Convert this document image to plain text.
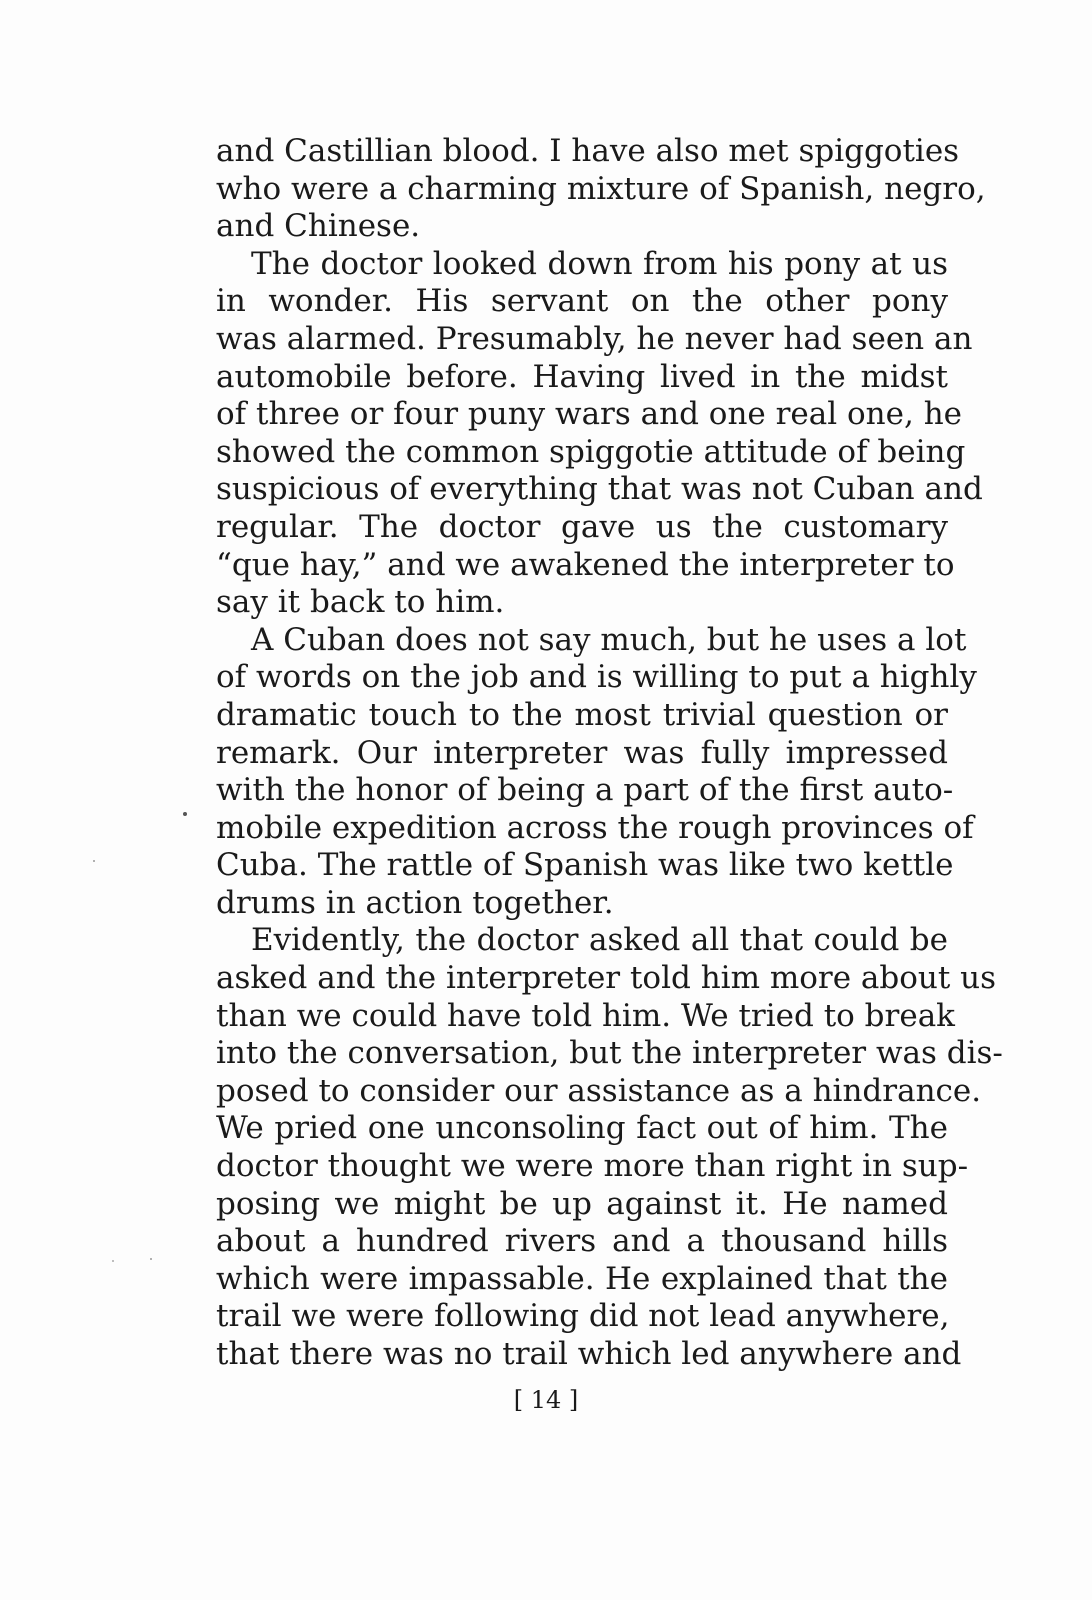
and Castillian blood. I have also met spiggoties
who were a charming mixture of Spanish, negro,
and Chinese.
The doctor looked down from his pony at us
in wonder. His servant on the other pony
was alarmed. Presumably, he never had seen an
automobile before. Having lived in the midst
of three or four puny wars and one real one, he
showed the common spiggotie attitude of being
suspicious of everything that was not Cuban and
regular. The doctor gave us the customary
“que hay,” and we awakened the interpreter to
say it back to him.
A Cuban does not say much, but he uses a lot
of words on the job and is willing to put a highly
dramatic touch to the most trivial question or
remark. Our interpreter was fully impressed
with the honor of being a part of the first auto-
mobile expedition across the rough provinces of
Cuba. The rattle of Spanish was like two kettle
drums in action together.
Evidently, the doctor asked all that could be
asked and the interpreter told him more about us
than we could have told him. We tried to break
into the conversation, but the interpreter was dis-
posed to consider our assistance as a hindrance.
We pried one unconsoling fact out of him. The
doctor thought we were more than right in sup-
posing we might be up against it. He named
about a hundred rivers and a thousand hills
which were impassable. He explained that the
trail we were following did not lead anywhere,
that there was no trail which led anywhere and
[ 14 ]
